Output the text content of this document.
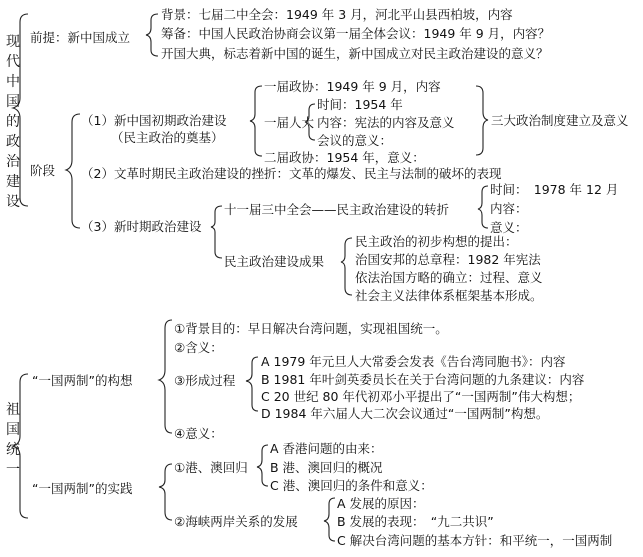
现代中国的政治建设
前提：新中国成立
背景：七届二中全会：1949 年 3 月，河北平山县西柏坡，内容
筹备：中国人民政治协商会议第一届全体会议：1949 年 9 月，内容？
开国大典，标志着新中国的诞生，新中国成立对民主政治建设的意义？
阶段
（1）新中国初期政治建设
（民主政治的奠基）
一届政协：1949 年 9 月，内容
一届人大
时间：1954 年
内容：宪法的内容及意义
会议的意义：
二届政协：1954 年，意义：
三大政治制度建立及意义
（2）文革时期民主政治建设的挫折：文革的爆发、民主与法制的破坏的表现
（3）新时期政治建设
十一届三中全会——民主政治建设的转折
时间：　1978 年 12 月
内容：
意义：
民主政治建设成果
民主政治的初步构想的提出：
治国安邦的总章程：1982 年宪法
依法治国方略的确立：过程、意义
社会主义法律体系框架基本形成。
祖国统一
“一国两制”的构想
①背景目的：早日解决台湾问题，实现祖国统一。
②含义：
③形成过程
A 1979 年元旦人大常委会发表《告台湾同胞书》：内容
B 1981 年叶剑英委员长在关于台湾问题的九条建议：内容
C 20 世纪 80 年代初邓小平提出了“一国两制”伟大构想；
D 1984 年六届人大二次会议通过“一国两制”构想。
④意义：
“一国两制”的实践
①港、澳回归
A 香港问题的由来：
B 港、澳回归的概况
C 港、澳回归的条件和意义：
②海峡两岸关系的发展
A 发展的原因：
B 发展的表现：　“九二共识”
C 解决台湾问题的基本方针：和平统一，一国两制
